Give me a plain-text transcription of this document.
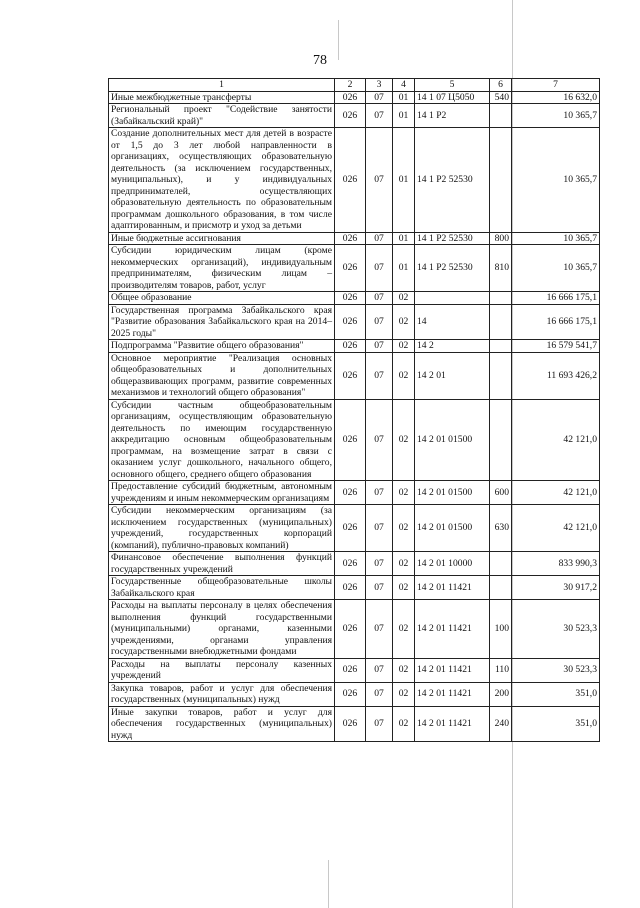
78
1	2	3	4	5	6	7
Иные межбюджетные трансферты	026	07	01	14 1 07 Ц5050	540	16 632,0
Региональный проект "Содействие занятости (Забайкальский край)"	026	07	01	14 1 P2		10 365,7
Создание дополнительных мест для детей в возрасте от 1,5 до 3 лет любой направленности в организациях, осуществляющих образовательную деятельность (за исключением государственных, муниципальных), и у индивидуальных предпринимателей, осуществляющих образовательную деятельность по образовательным программам дошкольного образования, в том числе адаптированным, и присмотр и уход за детьми	026	07	01	14 1 P2 52530		10 365,7
Иные бюджетные ассигнования	026	07	01	14 1 P2 52530	800	10 365,7
Субсидии юридическим лицам (кроме некоммерческих организаций), индивидуальным предпринимателям, физическим лицам – производителям товаров, работ, услуг	026	07	01	14 1 P2 52530	810	10 365,7
Общее образование	026	07	02			16 666 175,1
Государственная программа Забайкальского края "Развитие образования Забайкальского края на 2014–2025 годы"	026	07	02	14		16 666 175,1
Подпрограмма "Развитие общего образования"	026	07	02	14 2		16 579 541,7
Основное мероприятие "Реализация основных общеобразовательных и дополнительных общеразвивающих программ, развитие современных механизмов и технологий общего образования"	026	07	02	14 2 01		11 693 426,2
Субсидии частным общеобразовательным организациям, осуществляющим образовательную деятельность по имеющим государственную аккредитацию основным общеобразовательным программам, на возмещение затрат в связи с оказанием услуг дошкольного, начального общего, основного общего, среднего общего образования	026	07	02	14 2 01 01500		42 121,0
Предоставление субсидий бюджетным, автономным учреждениям и иным некоммерческим организациям	026	07	02	14 2 01 01500	600	42 121,0
Субсидии некоммерческим организациям (за исключением государственных (муниципальных) учреждений, государственных корпораций (компаний), публично-правовых компаний)	026	07	02	14 2 01 01500	630	42 121,0
Финансовое обеспечение выполнения функций государственных учреждений	026	07	02	14 2 01 10000		833 990,3
Государственные общеобразовательные школы Забайкальского края	026	07	02	14 2 01 11421		30 917,2
Расходы на выплаты персоналу в целях обеспечения выполнения функций государственными (муниципальными) органами, казенными учреждениями, органами управления государственными внебюджетными фондами	026	07	02	14 2 01 11421	100	30 523,3
Расходы на выплаты персоналу казенных учреждений	026	07	02	14 2 01 11421	110	30 523,3
Закупка товаров, работ и услуг для обеспечения государственных (муниципальных) нужд	026	07	02	14 2 01 11421	200	351,0
Иные закупки товаров, работ и услуг для обеспечения государственных (муниципальных) нужд	026	07	02	14 2 01 11421	240	351,0
